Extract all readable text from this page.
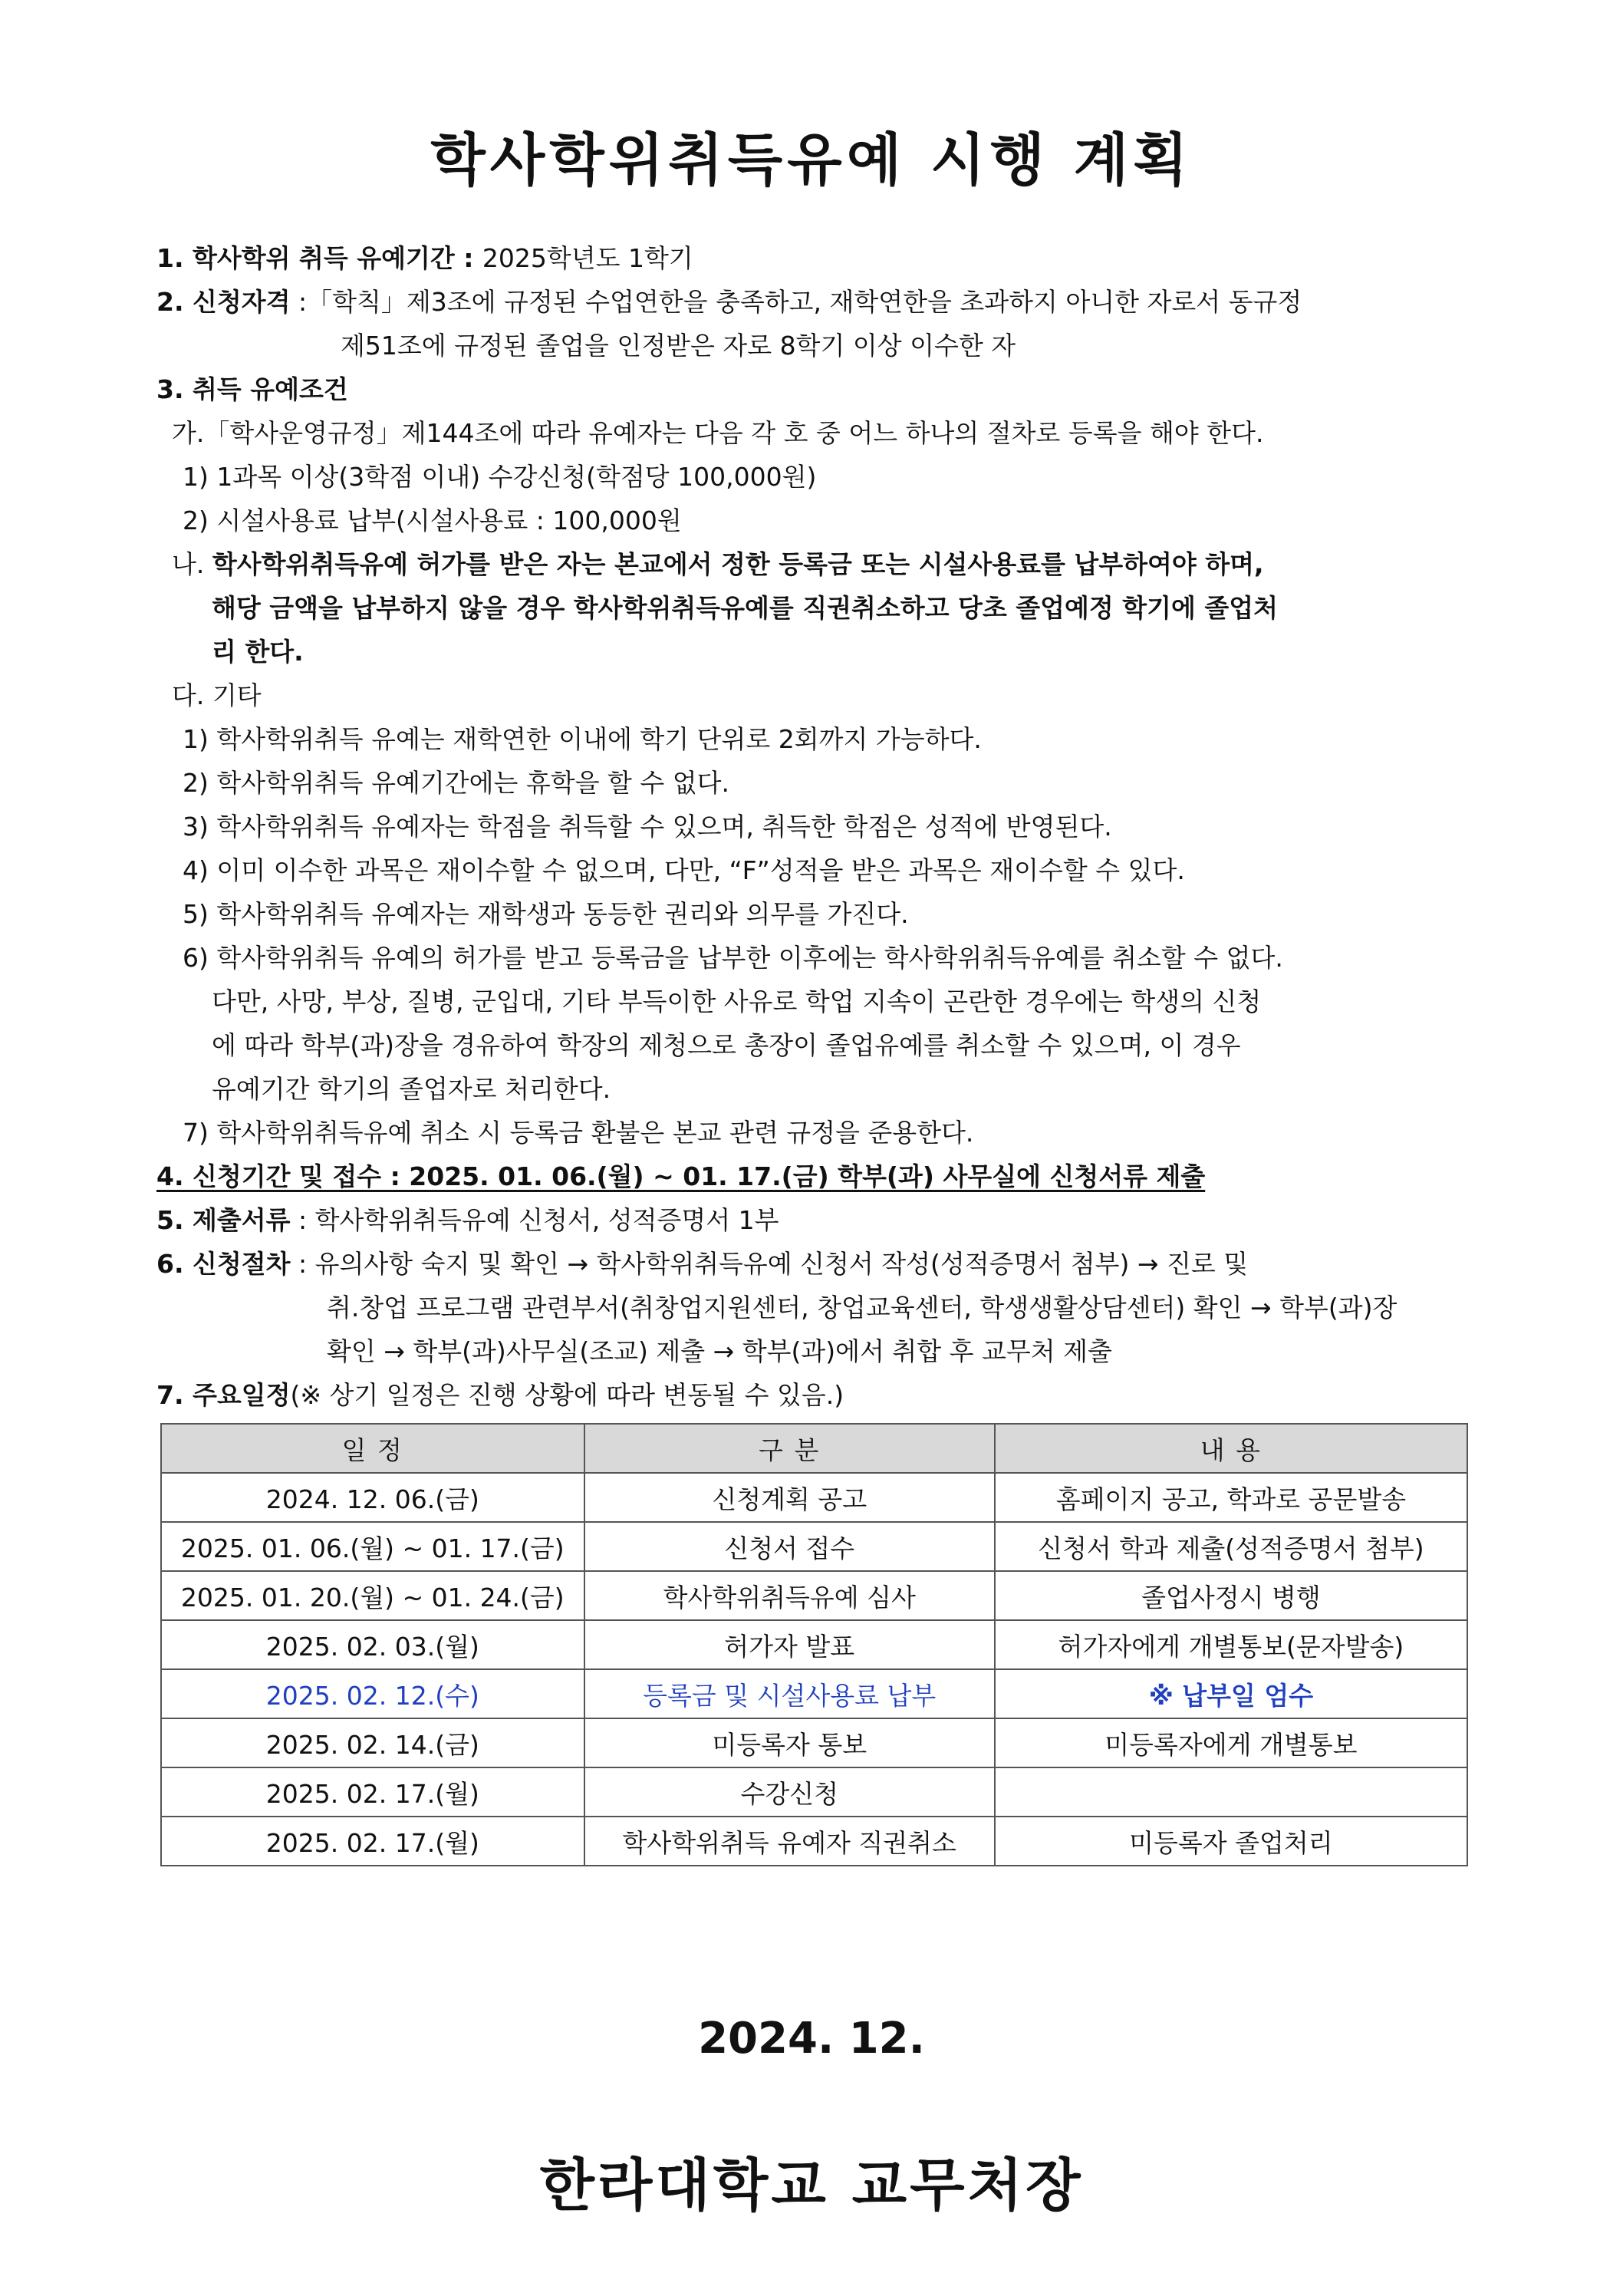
학사학위취득유예 시행 계획
1. 학사학위 취득 유예기간 : 2025학년도 1학기
2. 신청자격 :「학칙」제3조에 규정된 수업연한을 충족하고, 재학연한을 초과하지 아니한 자로서 동규정
제51조에 규정된 졸업을 인정받은 자로 8학기 이상 이수한 자
3. 취득 유예조건
가.「학사운영규정」제144조에 따라 유예자는 다음 각 호 중 어느 하나의 절차로 등록을 해야 한다.
1) 1과목 이상(3학점 이내) 수강신청(학점당 100,000원)
2) 시설사용료 납부(시설사용료 : 100,000원
나. 학사학위취득유예 허가를 받은 자는 본교에서 정한 등록금 또는 시설사용료를 납부하여야 하며,
해당 금액을 납부하지 않을 경우 학사학위취득유예를 직권취소하고 당초 졸업예정 학기에 졸업처
리 한다.
다. 기타
1) 학사학위취득 유예는 재학연한 이내에 학기 단위로 2회까지 가능하다.
2) 학사학위취득 유예기간에는 휴학을 할 수 없다.
3) 학사학위취득 유예자는 학점을 취득할 수 있으며, 취득한 학점은 성적에 반영된다.
4) 이미 이수한 과목은 재이수할 수 없으며, 다만, “F”성적을 받은 과목은 재이수할 수 있다.
5) 학사학위취득 유예자는 재학생과 동등한 권리와 의무를 가진다.
6) 학사학위취득 유예의 허가를 받고 등록금을 납부한 이후에는 학사학위취득유예를 취소할 수 없다.
다만, 사망, 부상, 질병, 군입대, 기타 부득이한 사유로 학업 지속이 곤란한 경우에는 학생의 신청
에 따라 학부(과)장을 경유하여 학장의 제청으로 총장이 졸업유예를 취소할 수 있으며, 이 경우
유예기간 학기의 졸업자로 처리한다.
7) 학사학위취득유예 취소 시 등록금 환불은 본교 관련 규정을 준용한다.
4. 신청기간 및 접수 : 2025. 01. 06.(월) ~ 01. 17.(금) 학부(과) 사무실에 신청서류 제출
5. 제출서류 : 학사학위취득유예 신청서, 성적증명서 1부
6. 신청절차 : 유의사항 숙지 및 확인 → 학사학위취득유예 신청서 작성(성적증명서 첨부) → 진로 및
취.창업 프로그램 관련부서(취창업지원센터, 창업교육센터, 학생생활상담센터) 확인 → 학부(과)장
확인 → 학부(과)사무실(조교) 제출 → 학부(과)에서 취합 후 교무처 제출
7. 주요일정(※ 상기 일정은 진행 상황에 따라 변동될 수 있음.)
일 정	구 분	내 용
2024. 12. 06.(금)	신청계획 공고	홈페이지 공고, 학과로 공문발송
2025. 01. 06.(월) ~ 01. 17.(금)	신청서 접수	신청서 학과 제출(성적증명서 첨부)
2025. 01. 20.(월) ~ 01. 24.(금)	학사학위취득유예 심사	졸업사정시 병행
2025. 02. 03.(월)	허가자 발표	허가자에게 개별통보(문자발송)
2025. 02. 12.(수)	등록금 및 시설사용료 납부	※ 납부일 엄수
2025. 02. 14.(금)	미등록자 통보	미등록자에게 개별통보
2025. 02. 17.(월)	수강신청	
2025. 02. 17.(월)	학사학위취득 유예자 직권취소	미등록자 졸업처리
2024. 12.
한라대학교 교무처장
